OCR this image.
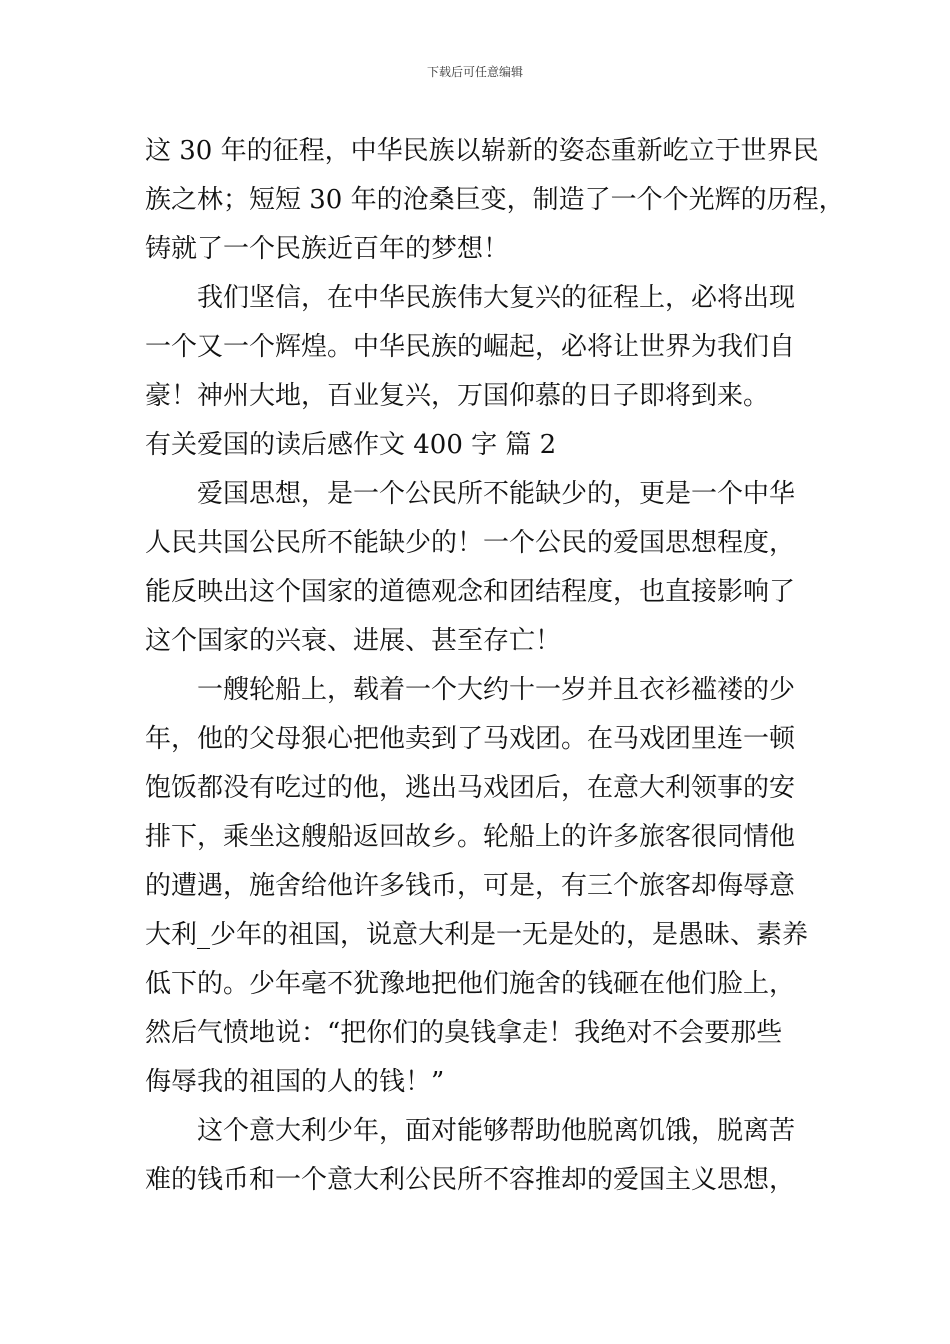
下载后可任意编辑
这 30 年的征程，中华民族以崭新的姿态重新屹立于世界民
族之林；短短 30 年的沧桑巨变，制造了一个个光辉的历程，
铸就了一个民族近百年的梦想！
我们坚信，在中华民族伟大复兴的征程上，必将出现
一个又一个辉煌。中华民族的崛起，必将让世界为我们自
豪！神州大地，百业复兴，万国仰慕的日子即将到来。
有关爱国的读后感作文 400 字 篇 2
爱国思想，是一个公民所不能缺少的，更是一个中华
人民共国公民所不能缺少的！一个公民的爱国思想程度，
能反映出这个国家的道德观念和团结程度，也直接影响了
这个国家的兴衰、进展、甚至存亡！
一艘轮船上，载着一个大约十一岁并且衣衫褴褛的少
年，他的父母狠心把他卖到了马戏团。在马戏团里连一顿
饱饭都没有吃过的他，逃出马戏团后，在意大利领事的安
排下，乘坐这艘船返回故乡。轮船上的许多旅客很同情他
的遭遇，施舍给他许多钱币，可是，有三个旅客却侮辱意
大利_少年的祖国，说意大利是一无是处的，是愚昧、素养
低下的。少年毫不犹豫地把他们施舍的钱砸在他们脸上，
然后气愤地说：“把你们的臭钱拿走！我绝对不会要那些
侮辱我的祖国的人的钱！”
这个意大利少年，面对能够帮助他脱离饥饿，脱离苦
难的钱币和一个意大利公民所不容推却的爱国主义思想，
